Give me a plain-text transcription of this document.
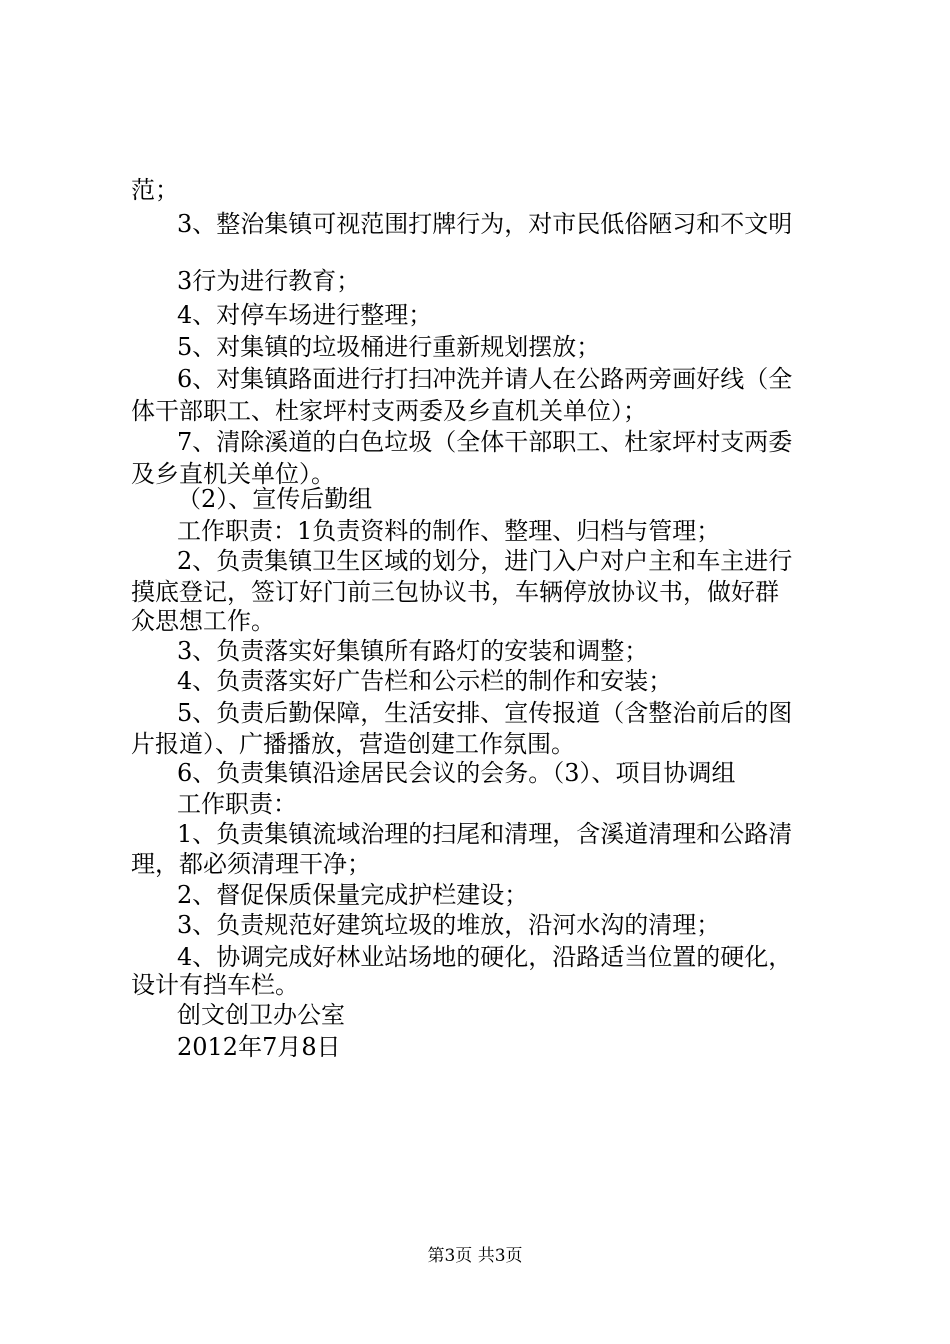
范；
3、整治集镇可视范围打牌行为，对市民低俗陋习和不文明
3行为进行教育；
4、对停车场进行整理；
5、对集镇的垃圾桶进行重新规划摆放；
6、对集镇路面进行打扫冲洗并请人在公路两旁画好线（全
体干部职工、杜家坪村支两委及乡直机关单位）；
7、清除溪道的白色垃圾（全体干部职工、杜家坪村支两委
及乡直机关单位）。
（2）、宣传后勤组
工作职责：1负责资料的制作、整理、归档与管理；
2、负责集镇卫生区域的划分，进门入户对户主和车主进行
摸底登记，签订好门前三包协议书，车辆停放协议书，做好群
众思想工作。
3、负责落实好集镇所有路灯的安装和调整；
4、负责落实好广告栏和公示栏的制作和安装；
5、负责后勤保障，生活安排、宣传报道（含整治前后的图
片报道）、广播播放，营造创建工作氛围。
6、负责集镇沿途居民会议的会务。（3）、项目协调组
工作职责：
1、负责集镇流域治理的扫尾和清理，含溪道清理和公路清
理，都必须清理干净；
2、督促保质保量完成护栏建设；
3、负责规范好建筑垃圾的堆放，沿河水沟的清理；
4、协调完成好林业站场地的硬化，沿路适当位置的硬化，
设计有挡车栏。
创文创卫办公室
2012年7月8日
第3页 共3页
